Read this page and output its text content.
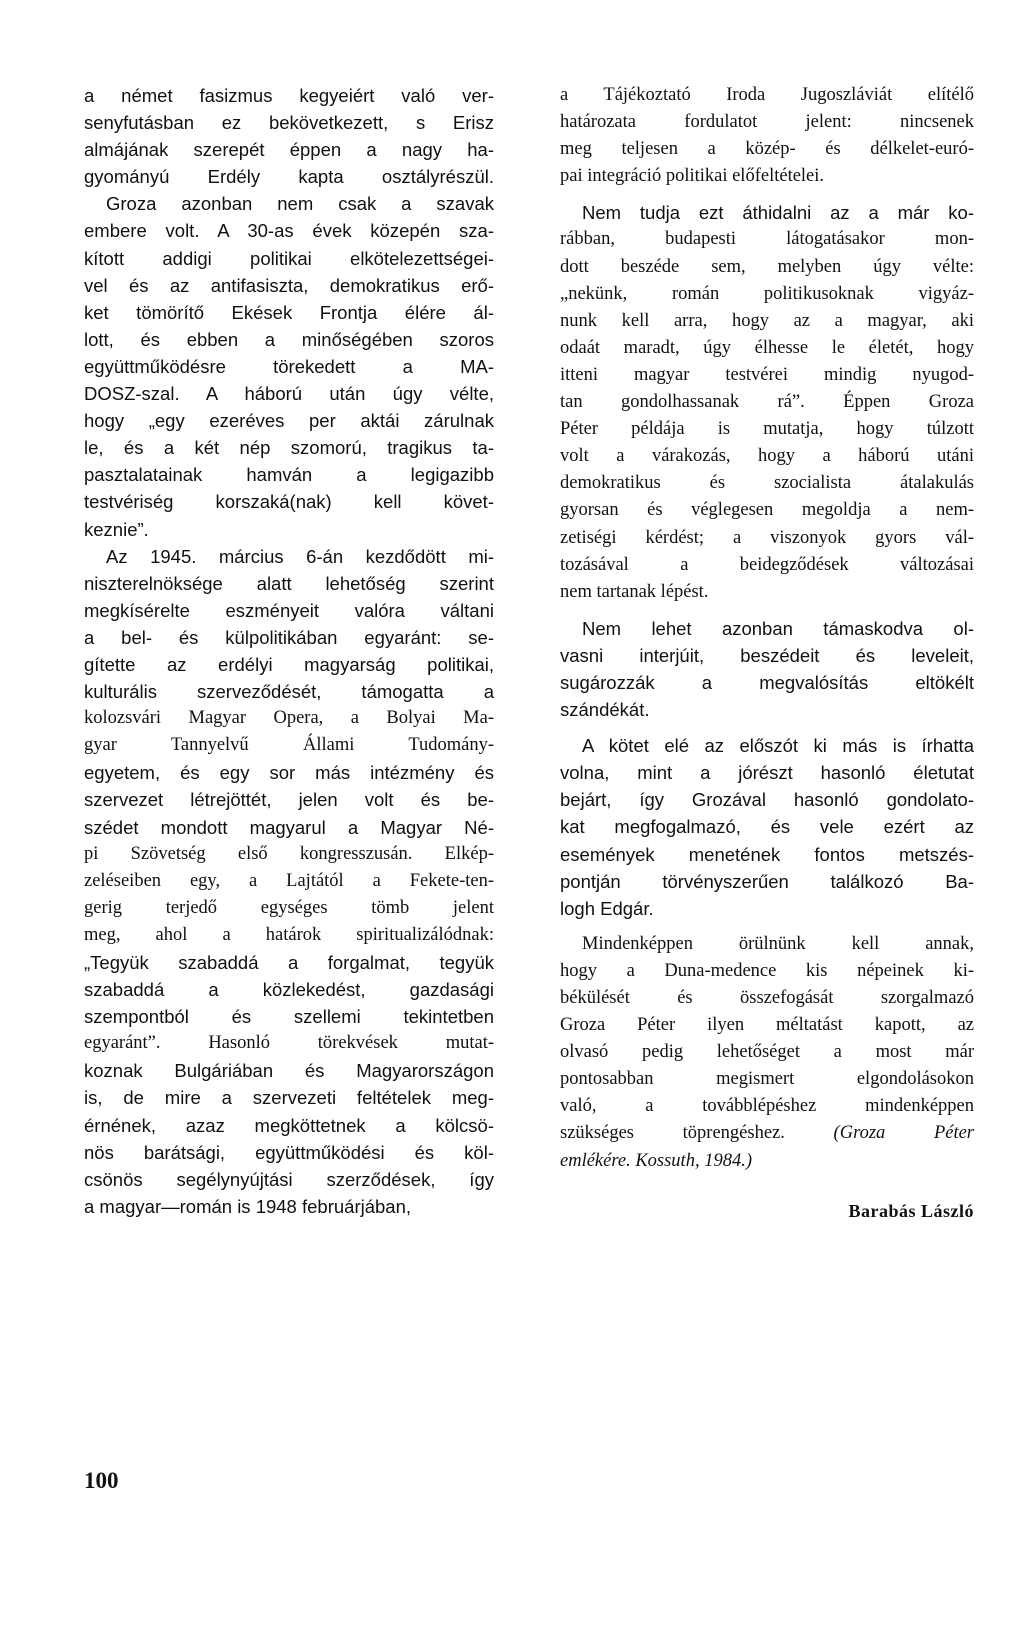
a német fasizmus kegyeiért való ver-
senyfutásban ez bekövetkezett, s Erisz
almájának szerepét éppen a nagy ha-
gyományú Erdély kapta osztályrészül.
Groza azonban nem csak a szavak
embere volt. A 30-as évek közepén sza-
kított addigi politikai elkötelezettségei-
vel és az antifasiszta, demokratikus erő-
ket tömörítő Ekések Frontja élére ál-
lott, és ebben a minőségében szoros
együttműködésre törekedett a MA-
DOSZ-szal. A háború után úgy vélte,
hogy „egy ezeréves per aktái zárulnak
le, és a két nép szomorú, tragikus ta-
pasztalatainak hamván a legigazibb
testvériség korszaká(nak) kell követ-
keznie”.
Az 1945. március 6-án kezdődött mi-
niszterelnöksége alatt lehetőség szerint
megkísérelte eszményeit valóra váltani
a bel- és külpolitikában egyaránt: se-
gítette az erdélyi magyarság politikai,
kulturális szerveződését, támogatta a
kolozsvári Magyar Opera, a Bolyai Ma-
gyar Tannyelvű Állami Tudomány-
egyetem, és egy sor más intézmény és
szervezet létrejöttét, jelen volt és be-
szédet mondott magyarul a Magyar Né-
pi Szövetség első kongresszusán. Elkép-
zeléseiben egy, a Lajtától a Fekete-ten-
gerig terjedő egységes tömb jelent
meg, ahol a határok spiritualizálódnak:
„Tegyük szabaddá a forgalmat, tegyük
szabaddá a közlekedést, gazdasági
szempontból és szellemi tekintetben
egyaránt”. Hasonló törekvések mutat-
koznak Bulgáriában és Magyarországon
is, de mire a szervezeti feltételek meg-
érnének, azaz megköttetnek a kölcsö-
nös barátsági, együttműködési és köl-
csönös segélynyújtási szerződések, így
a magyar—román is 1948 februárjában,
a Tájékoztató Iroda Jugoszláviát elítélő
határozata fordulatot jelent: nincsenek
meg teljesen a közép- és délkelet-euró-
pai integráció politikai előfeltételei.
Nem tudja ezt áthidalni az a már ko-
rábban, budapesti látogatásakor mon-
dott beszéde sem, melyben úgy vélte:
„nekünk, román politikusoknak vigyáz-
nunk kell arra, hogy az a magyar, aki
odaát maradt, úgy élhesse le életét, hogy
itteni magyar testvérei mindig nyugod-
tan gondolhassanak rá”. Éppen Groza
Péter példája is mutatja, hogy túlzott
volt a várakozás, hogy a háború utáni
demokratikus és szocialista átalakulás
gyorsan és véglegesen megoldja a nem-
zetiségi kérdést; a viszonyok gyors vál-
tozásával a beidegződések változásai
nem tartanak lépést.
Nem lehet azonban támaskodva ol-
vasni interjúit, beszédeit és leveleit,
sugározzák a megvalósítás eltökélt
szándékát.
A kötet elé az előszót ki más is írhatta
volna, mint a jórészt hasonló életutat
bejárt, így Grozával hasonló gondolato-
kat megfogalmazó, és vele ezért az
események menetének fontos metszés-
pontján törvényszerűen találkozó Ba-
logh Edgár.
Mindenképpen örülnünk kell annak,
hogy a Duna-medence kis népeinek ki-
békülését és összefogását szorgalmazó
Groza Péter ilyen méltatást kapott, az
olvasó pedig lehetőséget a most már
pontosabban megismert elgondolásokon
való, a továbblépéshez mindenképpen
szükséges töprengéshez. (Groza Péter
emlékére. Kossuth, 1984.)
Barabás László
100
